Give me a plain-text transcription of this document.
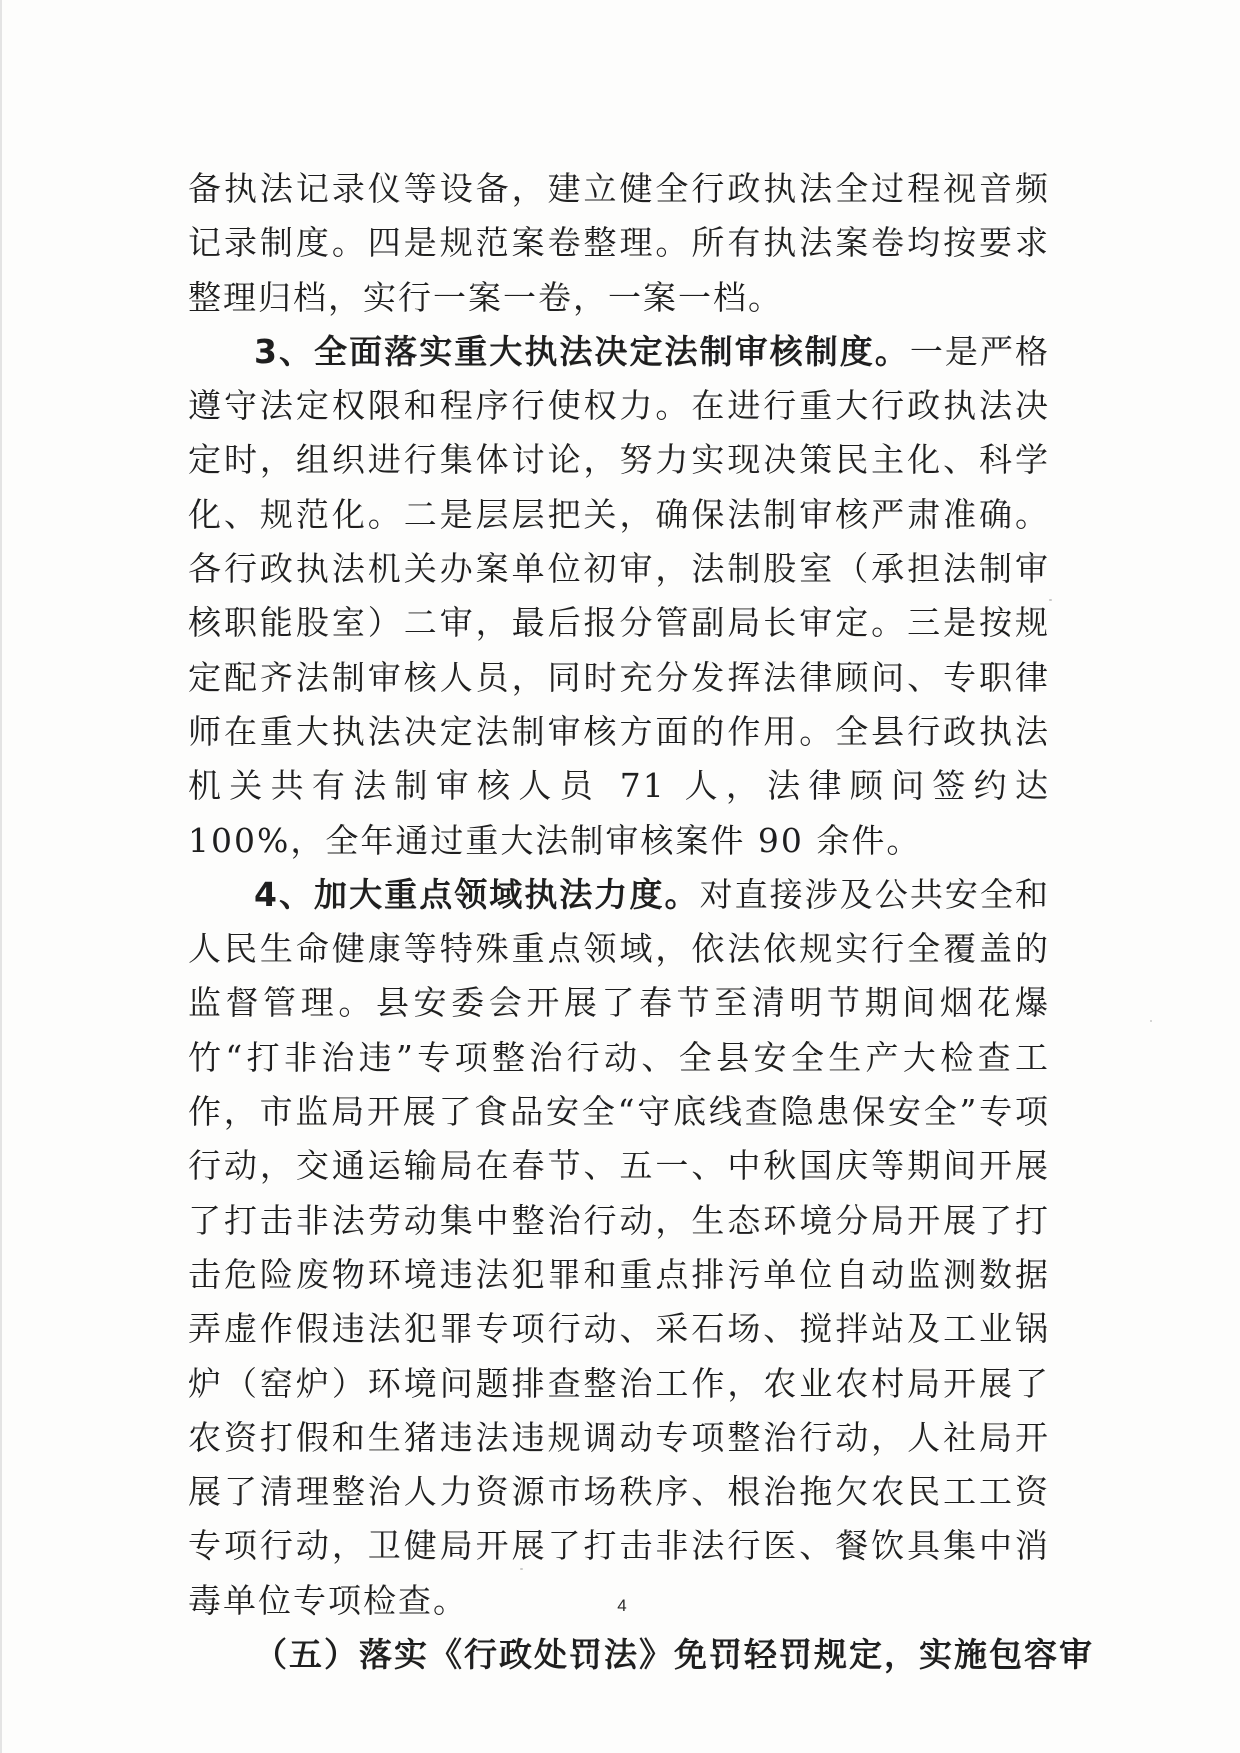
备执法记录仪等设备，建立健全行政执法全过程视音频记录制度。四是规范案卷整理。所有执法案卷均按要求整理归档，实行一案一卷，一案一档。

3、全面落实重大执法决定法制审核制度。一是严格遵守法定权限和程序行使权力。在进行重大行政执法决定时，组织进行集体讨论，努力实现决策民主化、科学化、规范化。二是层层把关，确保法制审核严肃准确。各行政执法机关办案单位初审，法制股室（承担法制审核职能股室）二审，最后报分管副局长审定。三是按规定配齐法制审核人员，同时充分发挥法律顾问、专职律师在重大执法决定法制审核方面的作用。全县行政执法机关共有法制审核人员 71 人，法律顾问签约达 100%，全年通过重大法制审核案件 90 余件。

4、加大重点领域执法力度。对直接涉及公共安全和人民生命健康等特殊重点领域，依法依规实行全覆盖的监督管理。县安委会开展了春节至清明节期间烟花爆竹“打非治违”专项整治行动、全县安全生产大检查工作，市监局开展了食品安全“守底线查隐患保安全”专项行动，交通运输局在春节、五一、中秋国庆等期间开展了打击非法劳动集中整治行动，生态环境分局开展了打击危险废物环境违法犯罪和重点排污单位自动监测数据弄虚作假违法犯罪专项行动、采石场、搅拌站及工业锅炉（窑炉）环境问题排查整治工作，农业农村局开展了农资打假和生猪违法违规调动专项整治行动，人社局开展了清理整治人力资源市场秩序、根治拖欠农民工工资专项行动，卫健局开展了打击非法行医、餐饮具集中消毒单位专项检查。

（五）落实《行政处罚法》免罚轻罚规定，实施包容审

4
